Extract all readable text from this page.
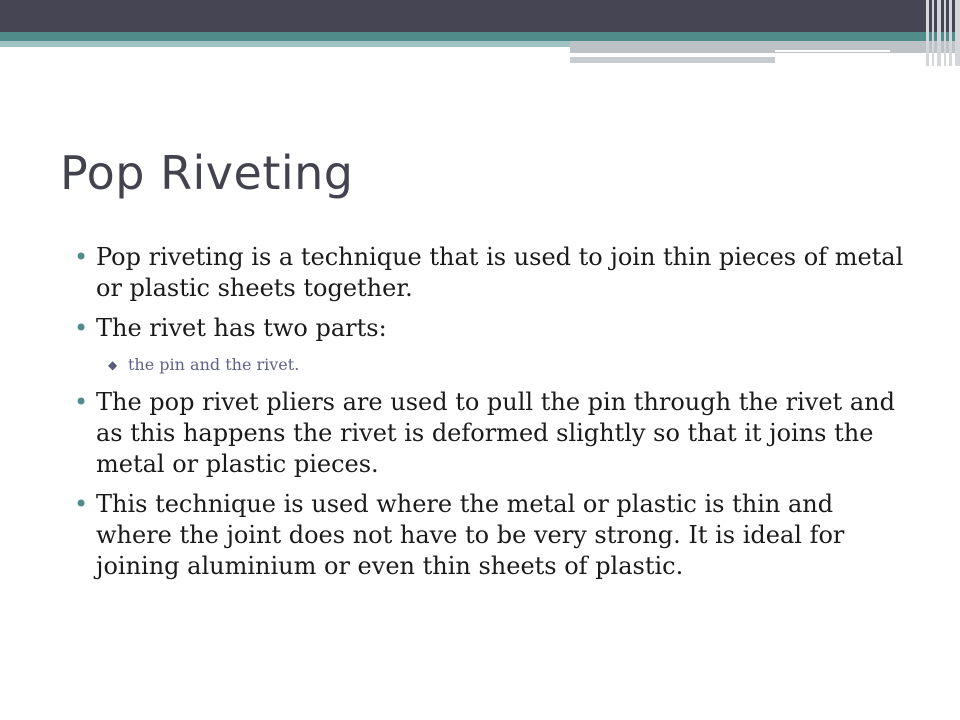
Pop Riveting
• Pop riveting is a technique that is used to join thin pieces of metal or plastic sheets together.
• The rivet has two parts:
◆ the pin and the rivet.
• The pop rivet pliers are used to pull the pin through the rivet and as this happens the rivet is deformed slightly so that it joins the metal or plastic pieces.
• This technique is used where the metal or plastic is thin and where the joint does not have to be very strong. It is ideal for joining aluminium or even thin sheets of plastic.
